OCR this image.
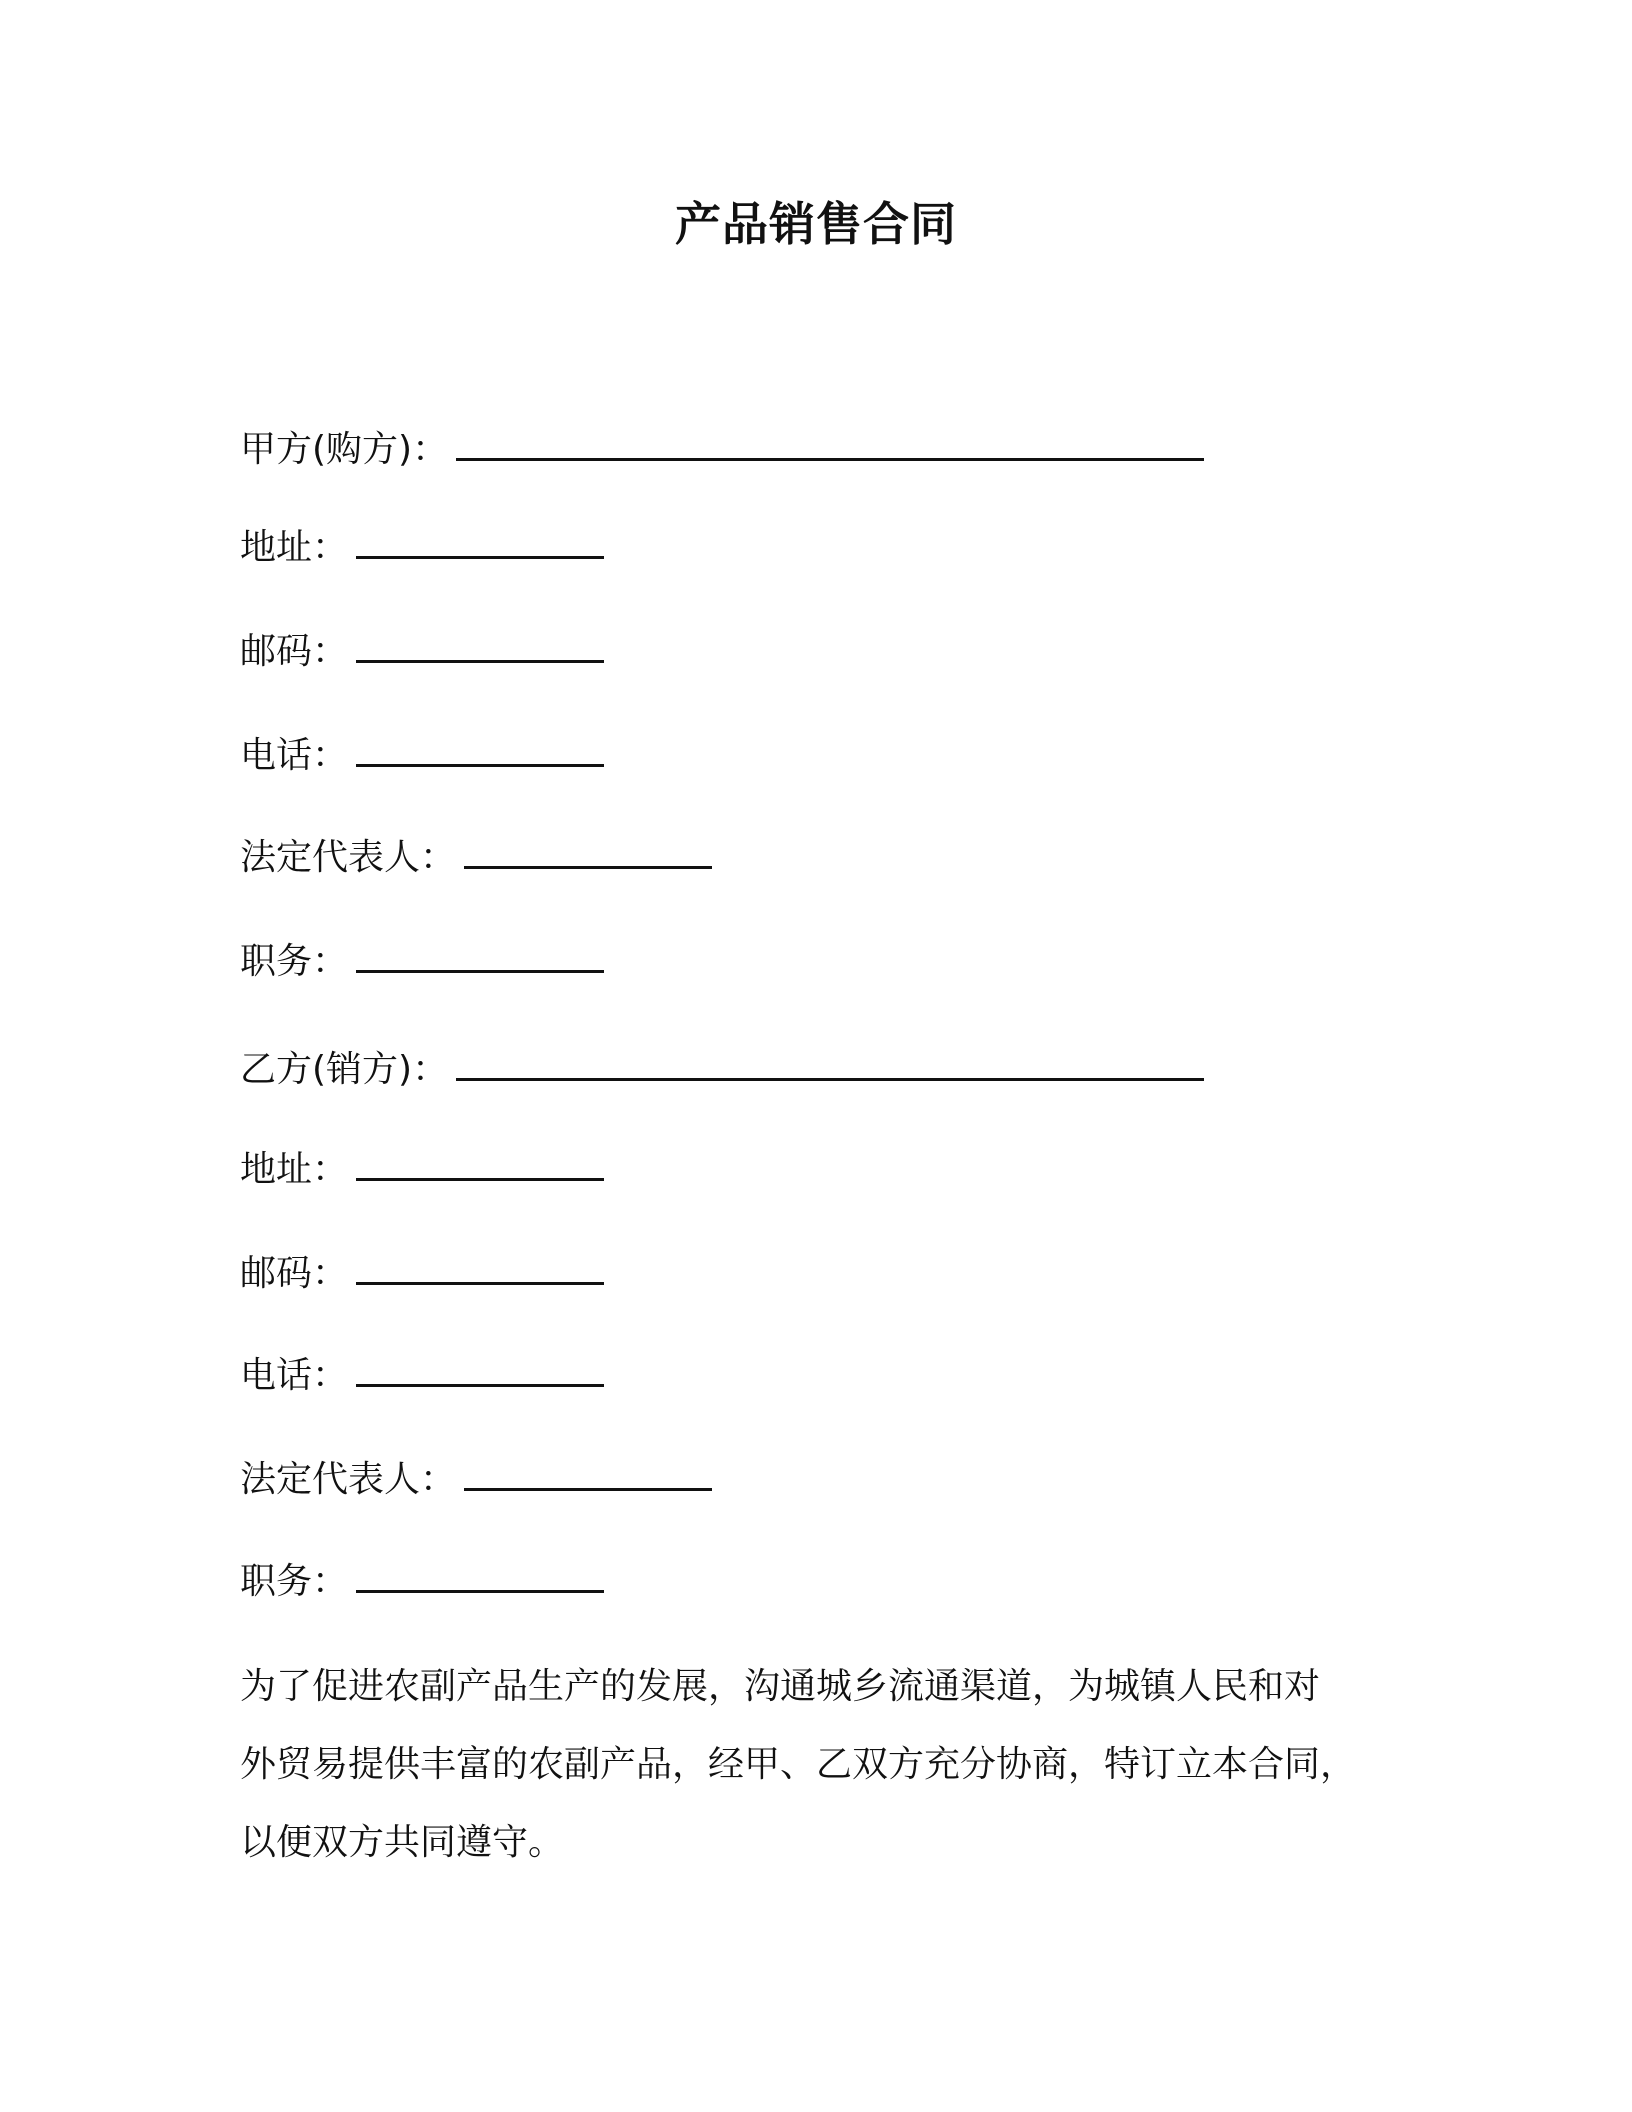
产品销售合同
甲方(购方)：
地址：
邮码：
电话：
法定代表人：
职务：
乙方(销方)：
地址：
邮码：
电话：
法定代表人：
职务：
为了促进农副产品生产的发展，沟通城乡流通渠道，为城镇人民和对
外贸易提供丰富的农副产品，经甲、乙双方充分协商，特订立本合同，
以便双方共同遵守。
